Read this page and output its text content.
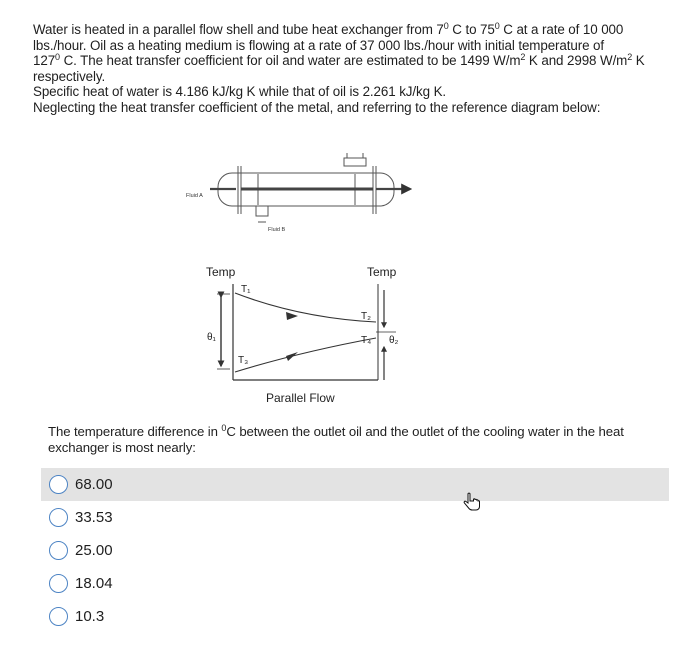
Water is heated in a parallel flow shell and tube heat exchanger from $7^0$ C to $75^0$ C at a rate of 10 000

lbs./hour. Oil as a heating medium is flowing at a rate of 37 000 lbs./hour with initial temperature of

$127^0$ C. The heat transfer coefficient for oil and water are estimated to be 1499 $W/m^2$ K and 2998 $W/m^2$ K

respectively.

Specific heat of water is 4.186 kJ/kg K while that of oil is 2.261 kJ/kg K.

Neglecting the heat transfer coefficient of the metal, and referring to the reference diagram below:

Fluid A
Fluid B
Temp	Temp
θ₁
T₁
T₃
T₂
T₄ θ₂
Parallel Flow
The temperature difference in $^0$C between the outlet oil and the outlet of the cooling water in the heat exchanger is most nearly:
68.00
33.53
25.00
18.04
10.3
